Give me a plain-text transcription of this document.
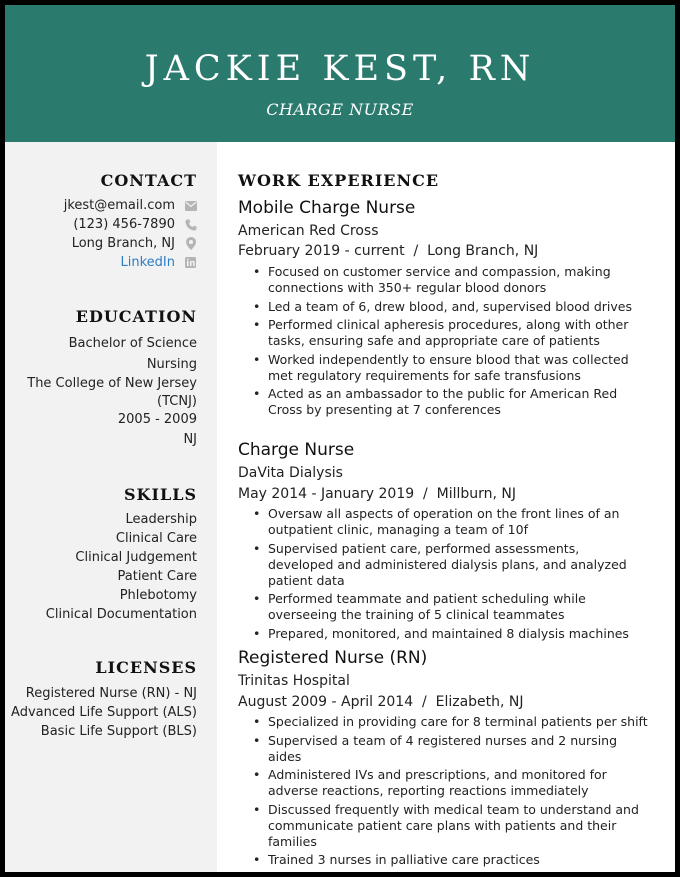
JACKIE KEST, RN
CHARGE NURSE
CONTACT
jkest@email.com
(123) 456-7890
Long Branch, NJ
LinkedIn
EDUCATION
Bachelor of Science
Nursing
The College of New Jersey
(TCNJ)
2005 - 2009
NJ
SKILLS
Leadership
Clinical Care
Clinical Judgement
Patient Care
Phlebotomy
Clinical Documentation
LICENSES
Registered Nurse (RN) - NJ
Advanced Life Support (ALS)
Basic Life Support (BLS)
WORK EXPERIENCE
Mobile Charge Nurse
American Red Cross
February 2019 - current  /  Long Branch, NJ
• Focused on customer service and compassion, making connections with 350+ regular blood donors
• Led a team of 6, drew blood, and, supervised blood drives
• Performed clinical apheresis procedures, along with other tasks, ensuring safe and appropriate care of patients
• Worked independently to ensure blood that was collected met regulatory requirements for safe transfusions
• Acted as an ambassador to the public for American Red Cross by presenting at 7 conferences
Charge Nurse
DaVita Dialysis
May 2014 - January 2019  /  Millburn, NJ
• Oversaw all aspects of operation on the front lines of an outpatient clinic, managing a team of 10f
• Supervised patient care, performed assessments, developed and administered dialysis plans, and analyzed patient data
• Performed teammate and patient scheduling while overseeing the training of 5 clinical teammates
• Prepared, monitored, and maintained 8 dialysis machines
Registered Nurse (RN)
Trinitas Hospital
August 2009 - April 2014  /  Elizabeth, NJ
• Specialized in providing care for 8 terminal patients per shift
• Supervised a team of 4 registered nurses and 2 nursing aides
• Administered IVs and prescriptions, and monitored for adverse reactions, reporting reactions immediately
• Discussed frequently with medical team to understand and communicate patient care plans with patients and their families
• Trained 3 nurses in palliative care practices
